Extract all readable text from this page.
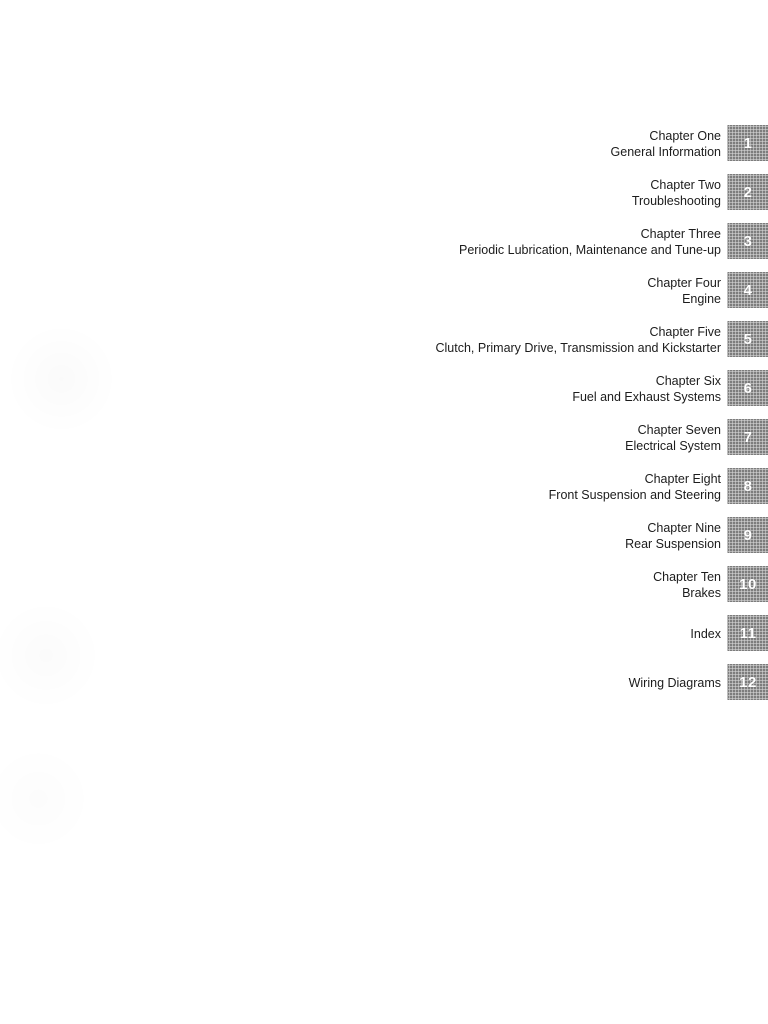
Chapter One
General Information
1
Chapter Two
Troubleshooting
2
Chapter Three
Periodic Lubrication, Maintenance and Tune-up
3
Chapter Four
Engine
4
Chapter Five
Clutch, Primary Drive, Transmission and Kickstarter
5
Chapter Six
Fuel and Exhaust Systems
6
Chapter Seven
Electrical System
7
Chapter Eight
Front Suspension and Steering
8
Chapter Nine
Rear Suspension
9
Chapter Ten
Brakes
10
Index 11
Wiring Diagrams 12
